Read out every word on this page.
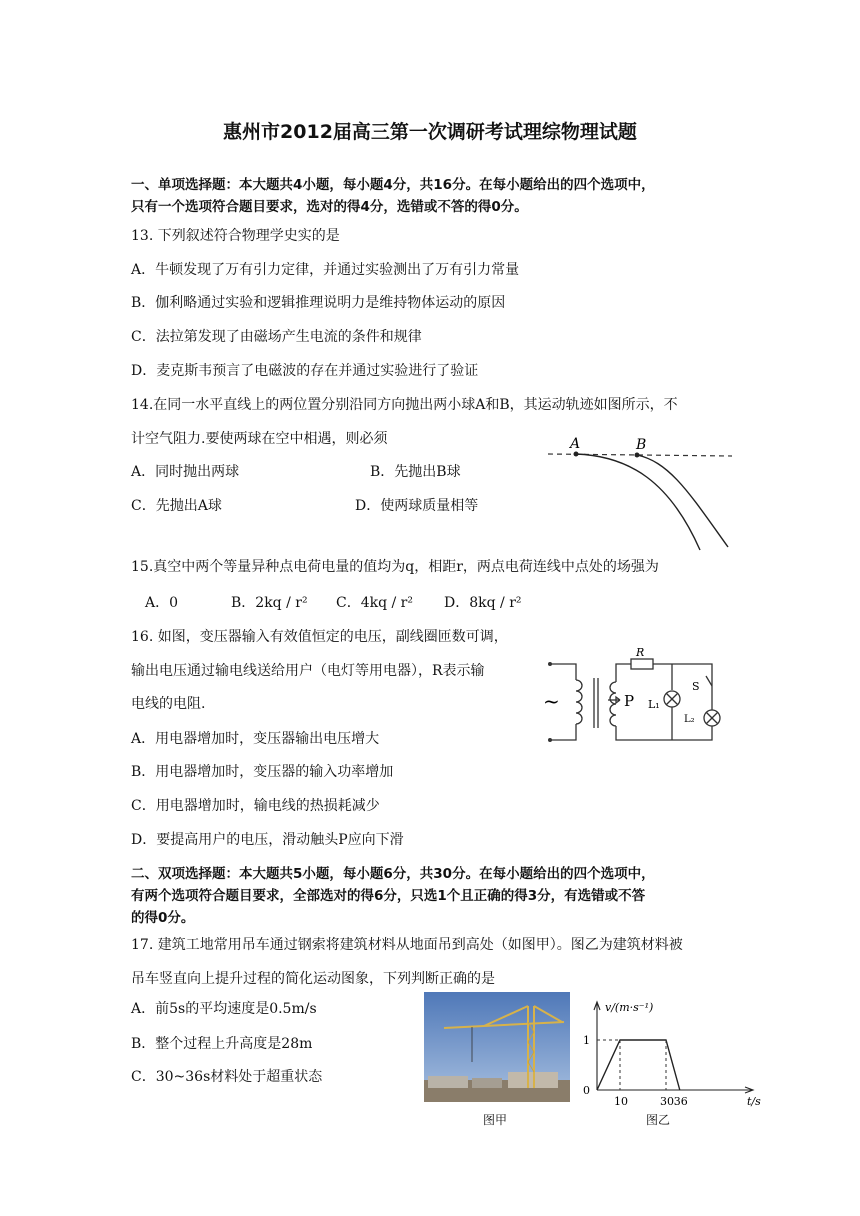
惠州市2012届高三第一次调研考试理综物理试题
一、单项选择题：本大题共4小题，每小题4分，共16分。在每小题给出的四个选项中，
只有一个选项符合题目要求，选对的得4分，选错或不答的得0分。
13. 下列叙述符合物理学史实的是
A．牛顿发现了万有引力定律，并通过实验测出了万有引力常量
B．伽利略通过实验和逻辑推理说明力是维持物体运动的原因
C．法拉第发现了由磁场产生电流的条件和规律
D．麦克斯韦预言了电磁波的存在并通过实验进行了验证
14.在同一水平直线上的两位置分别沿同方向抛出两小球A和B，其运动轨迹如图所示，不
计空气阻力.要使两球在空中相遇，则必须
A．同时抛出两球	B．先抛出B球
C．先抛出A球	D．使两球质量相等
A	B
15.真空中两个等量异种点电荷电量的值均为q，相距r，两点电荷连线中点处的场强为
A．0	B．2kq / r² C．4kq / r² D．8kq / r²
16. 如图，变压器输入有效值恒定的电压，副线圈匝数可调，
输出电压通过输电线送给用户（电灯等用电器），R表示输
电线的电阻.
A．用电器增加时，变压器输出电压增大
B．用电器增加时，变压器的输入功率增加
C．用电器增加时，输电线的热损耗减少
D．要提高用户的电压，滑动触头P应向下滑
~
R
P L₁
L₂
S
二、双项选择题：本大题共5小题，每小题6分，共30分。在每小题给出的四个选项中，
有两个选项符合题目要求，全部选对的得6分，只选1个且正确的得3分，有选错或不答
的得0分。
17. 建筑工地常用吊车通过钢索将建筑材料从地面吊到高处（如图甲）。图乙为建筑材料被
吊车竖直向上提升过程的简化运动图象，下列判断正确的是
A．前5s的平均速度是0.5m/s
B．整个过程上升高度是28m
C．30~36s材料处于超重状态
图甲
v/(m·s⁻¹)
t/s
10	30 36
0
1
图乙
